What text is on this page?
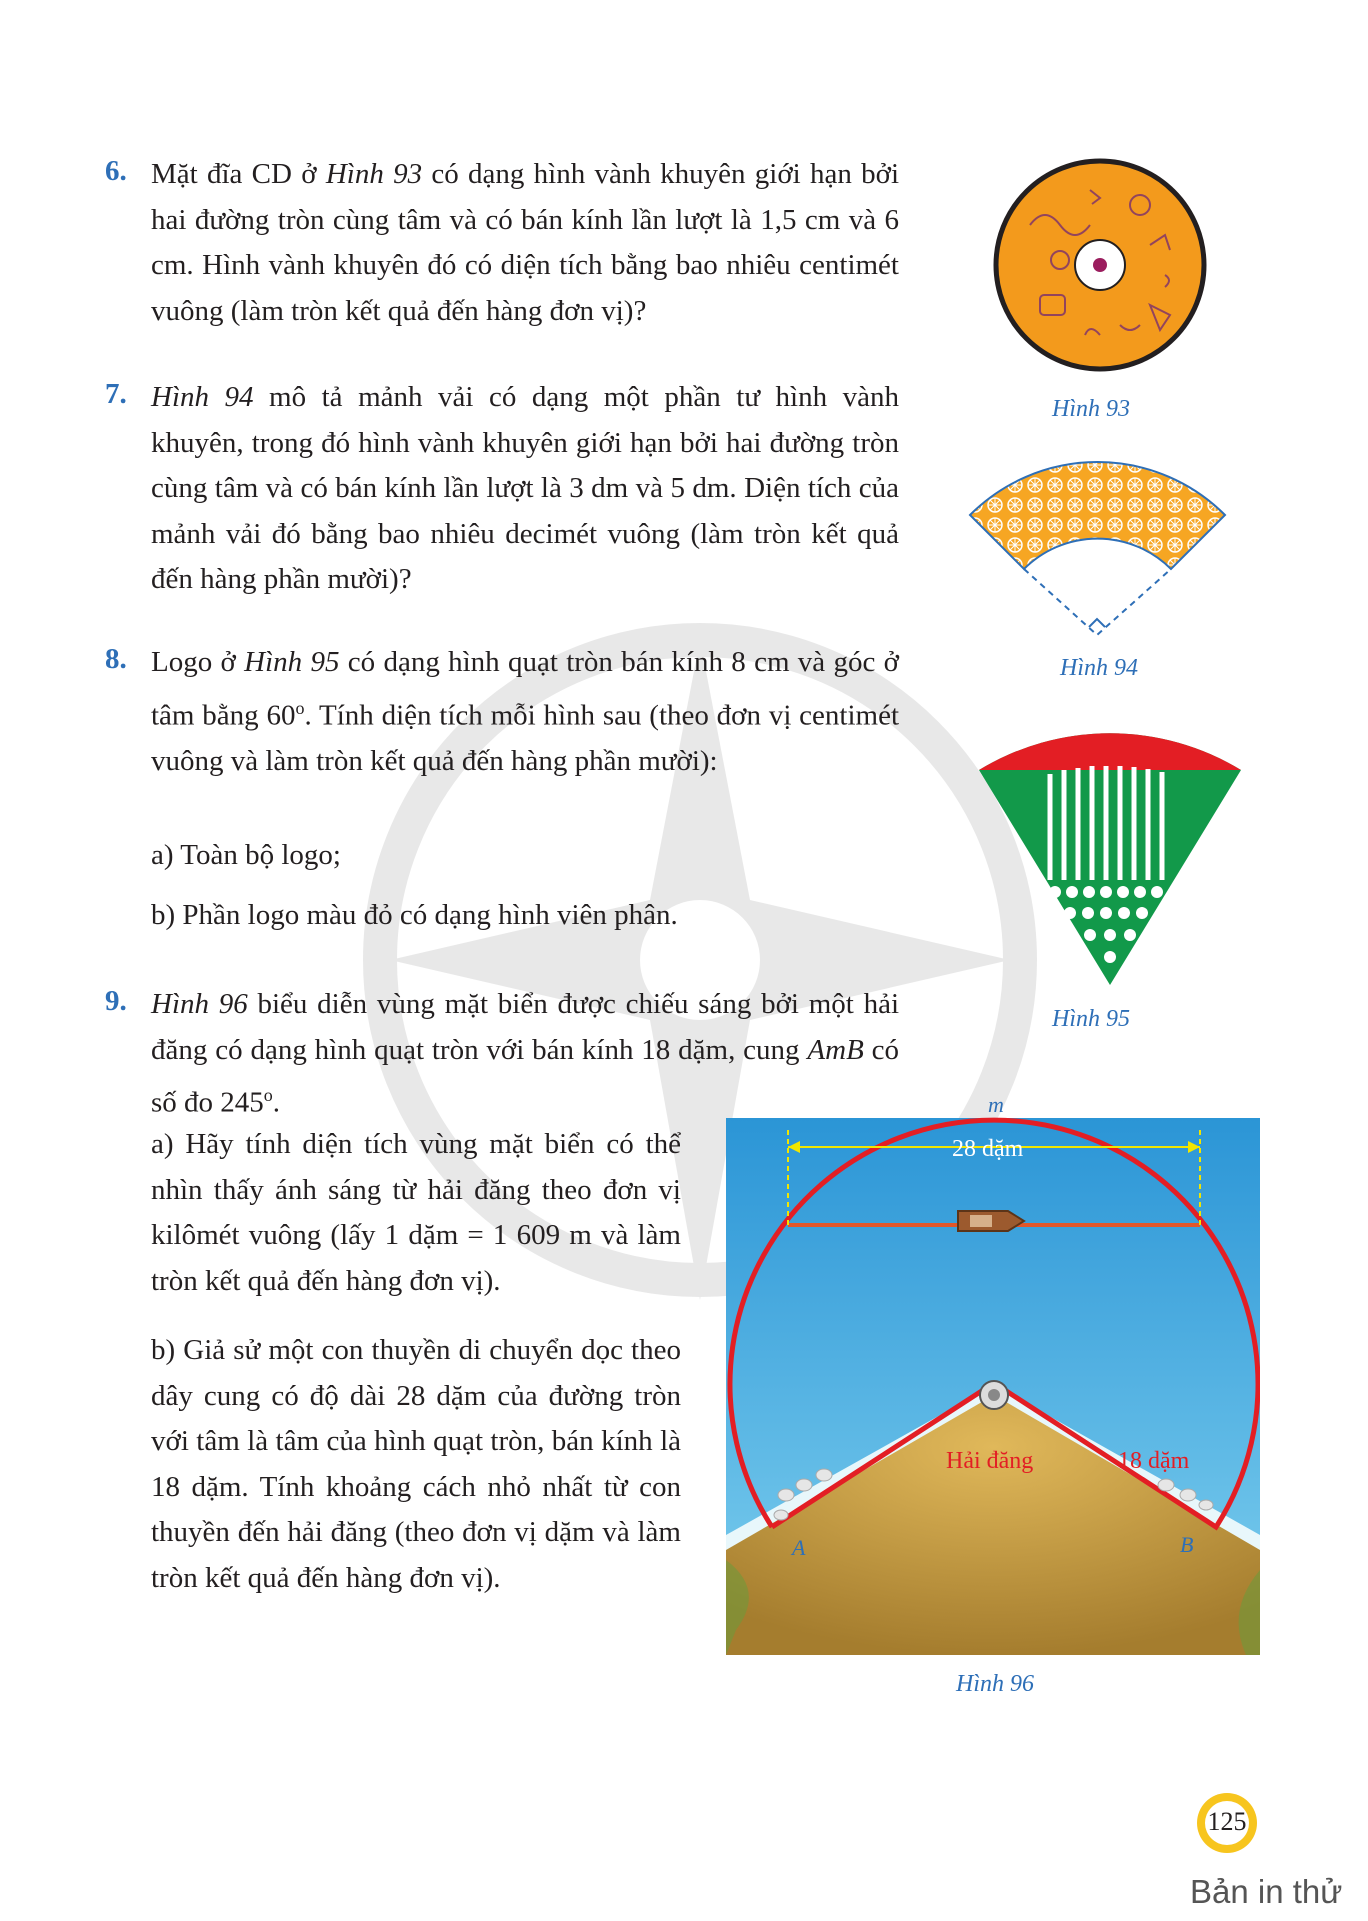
6. Mặt đĩa CD ở Hình 93 có dạng hình vành khuyên giới hạn bởi hai đường tròn cùng tâm và có bán kính lần lượt là 1,5 cm và 6 cm. Hình vành khuyên đó có diện tích bằng bao nhiêu centimét vuông (làm tròn kết quả đến hàng đơn vị)?
7. Hình 94 mô tả mảnh vải có dạng một phần tư hình vành khuyên, trong đó hình vành khuyên giới hạn bởi hai đường tròn cùng tâm và có bán kính lần lượt là 3 dm và 5 dm. Diện tích của mảnh vải đó bằng bao nhiêu decimét vuông (làm tròn kết quả đến hàng phần mười)?
8. Logo ở Hình 95 có dạng hình quạt tròn bán kính 8 cm và góc ở tâm bằng 60$^o$. Tính diện tích mỗi hình sau (theo đơn vị centimét vuông và làm tròn kết quả đến hàng phần mười):
a) Toàn bộ logo;
b) Phần logo màu đỏ có dạng hình viên phân.
9. Hình 96 biểu diễn vùng mặt biển được chiếu sáng bởi một hải đăng có dạng hình quạt tròn với bán kính 18 dặm, cung AmB có số đo 245$^o$.
a) Hãy tính diện tích vùng mặt biển có thể nhìn thấy ánh sáng từ hải đăng theo đơn vị kilômét vuông (lấy 1 dặm = 1 609 m và làm tròn kết quả đến hàng đơn vị).
b) Giả sử một con thuyền di chuyển dọc theo dây cung có độ dài 28 dặm của đường tròn với tâm là tâm của hình quạt tròn, bán kính là 18 dặm. Tính khoảng cách nhỏ nhất từ con thuyền đến hải đăng (theo đơn vị dặm và làm tròn kết quả đến hàng đơn vị).
Hình 93
Hình 94
Hình 95
m
28 dặm
18 dặm
Hải đăng
A	B
Hình 96
125
Bản in thử
